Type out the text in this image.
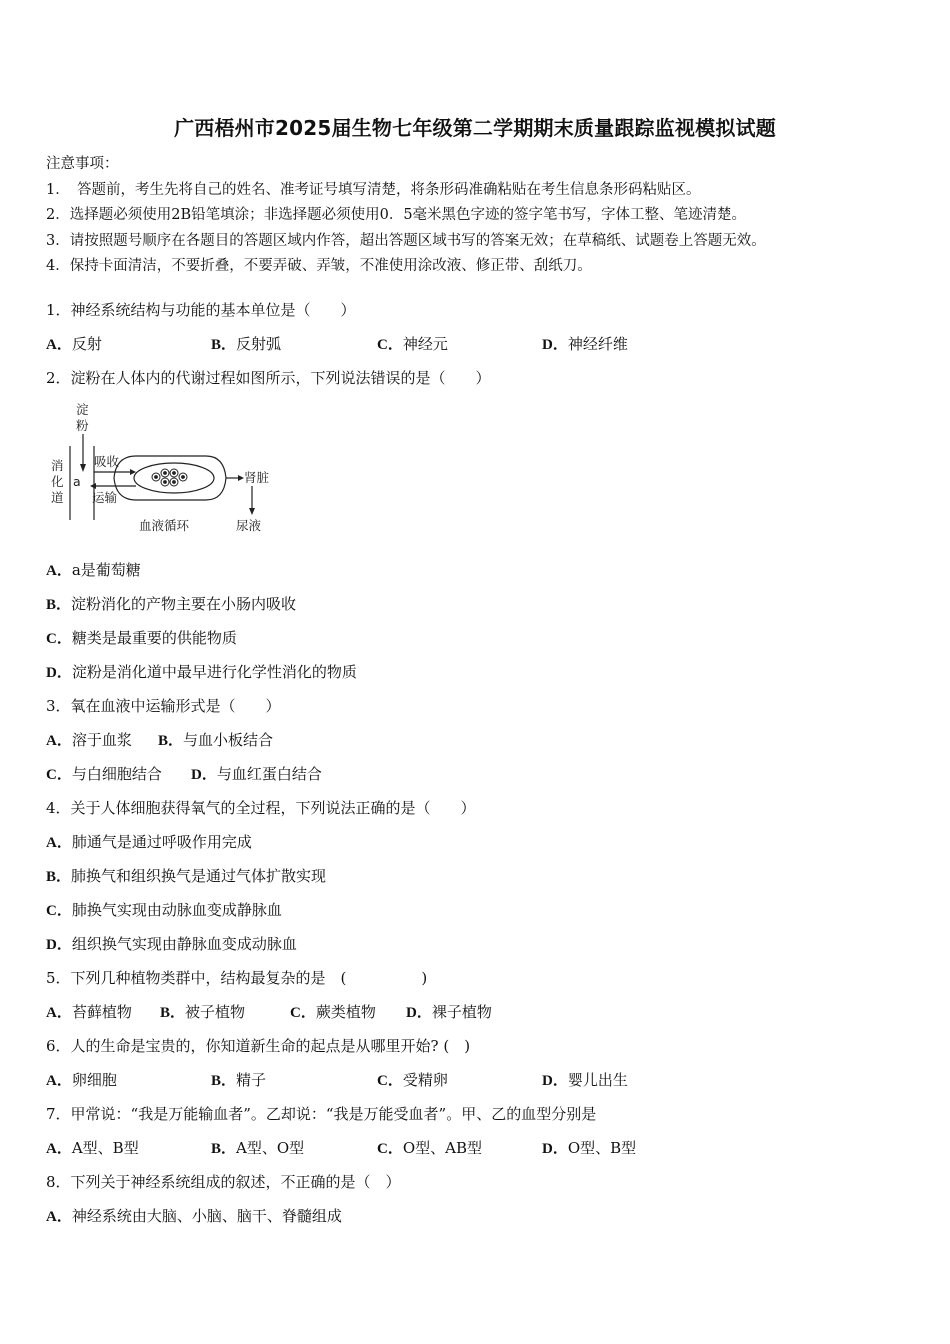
广西梧州市2025届生物七年级第二学期期末质量跟踪监视模拟试题
注意事项：
1．　答题前，考生先将自己的姓名、准考证号填写清楚，将条形码准确粘贴在考生信息条形码粘贴区。
2．选择题必须使用2B铅笔填涂；非选择题必须使用0．5毫米黑色字迹的签字笔书写，字体工整、笔迹清楚。
3．请按照题号顺序在各题目的答题区域内作答，超出答题区域书写的答案无效；在草稿纸、试题卷上答题无效。
4．保持卡面清洁，不要折叠，不要弄破、弄皱，不准使用涂改液、修正带、刮纸刀。
1．神经系统结构与功能的基本单位是（　　）
A．反射	B．反射弧	C．神经元	D．神经纤维
2．淀粉在人体内的代谢过程如图所示，下列说法错误的是（　　）
淀
粉
消
化
道
a
吸收
运输
肾脏
尿液
血液循环
A．a是葡萄糖
B．淀粉消化的产物主要在小肠内吸收
C．糖类是最重要的供能物质
D．淀粉是消化道中最早进行化学性消化的物质
3．氧在血液中运输形式是（　　）
A．溶于血浆 B．与血小板结合
C．与白细胞结合 D．与血红蛋白结合
4．关于人体细胞获得氧气的全过程，下列说法正确的是（　　）
A．肺通气是通过呼吸作用完成
B．肺换气和组织换气是通过气体扩散实现
C．肺换气实现由动脉血变成静脉血
D．组织换气实现由静脉血变成动脉血
5．下列几种植物类群中，结构最复杂的是　(　　　　　)
A．苔藓植物 B．被子植物	C．蕨类植物 D．裸子植物
6．人的生命是宝贵的，你知道新生命的起点是从哪里开始? (　)
A．卵细胞	B．精子	C．受精卵	D．婴儿出生
7．甲常说：“我是万能输血者”。乙却说：“我是万能受血者”。甲、乙的血型分别是
A．A型、B型	B．A型、O型	C．O型、AB型	D．O型、B型
8．下列关于神经系统组成的叙述，不正确的是（　）
A．神经系统由大脑、小脑、脑干、脊髓组成
